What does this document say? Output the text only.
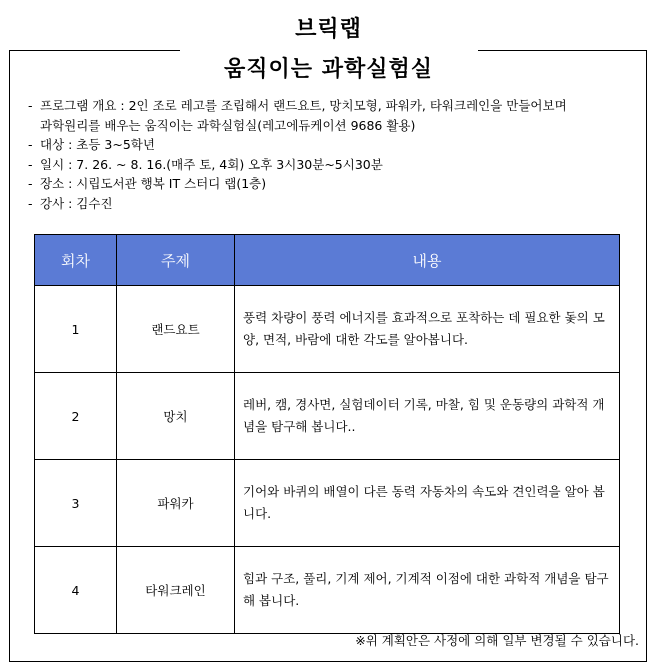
브릭랩
움직이는 과학실험실
- 프로그램 개요 : 2인 조로 레고를 조립해서 랜드요트, 망치모형, 파워카, 타워크레인을 만들어보며
과학원리를 배우는 움직이는 과학실험실(레고에듀케이션 9686 활용)
- 대상 : 초등 3~5학년
- 일시 : 7. 26. ~ 8. 16.(매주 토, 4회) 오후 3시30분~5시30분
- 장소 : 시립도서관 행복 IT 스터디 랩(1층)
- 강사 : 김수진
회차	주제	내용
1	랜드요트	풍력 차량이 풍력 에너지를 효과적으로 포착하는 데 필요한 돛의 모양, 면적, 바람에 대한 각도를 알아봅니다.
2	망치	레버, 캠, 경사면, 실험데이터 기록, 마찰, 힘 및 운동량의 과학적 개념을 탐구해 봅니다..
3	파워카	기어와 바퀴의 배열이 다른 동력 자동차의 속도와 견인력을 알아 봅니다.
4	타워크레인	힘과 구조, 풀리, 기계 제어, 기계적 이점에 대한 과학적 개념을 탐구해 봅니다.
※위 계획안은 사정에 의해 일부 변경될 수 있습니다.
